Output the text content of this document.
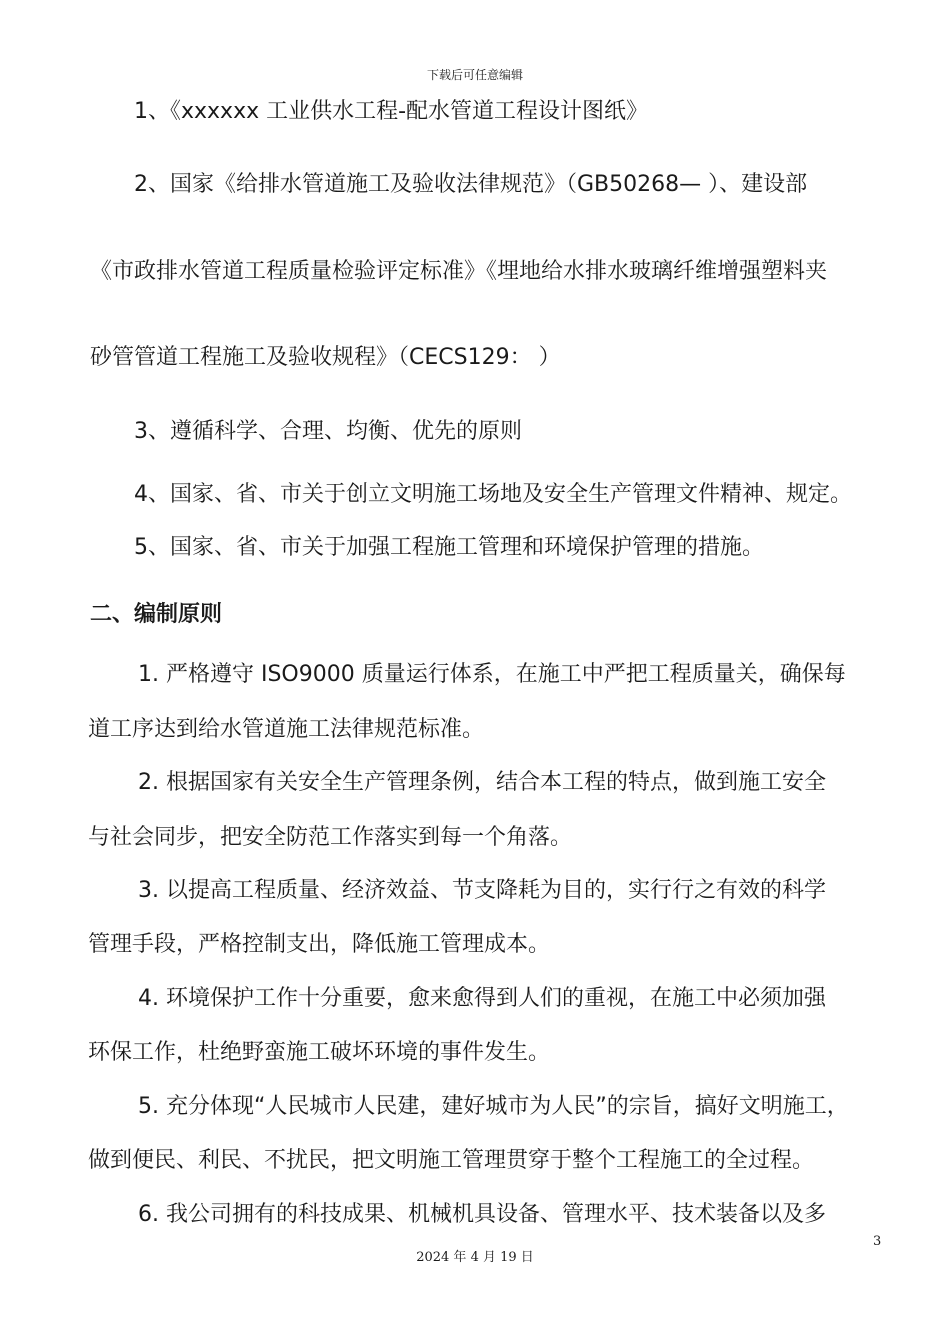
下载后可任意编辑
1、《xxxxxx 工业供水工程-配水管道工程设计图纸》
2、国家《给排水管道施工及验收法律规范》（GB50268— ）、建设部
《市政排水管道工程质量检验评定标准》《埋地给水排水玻璃纤维增强塑料夹
砂管管道工程施工及验收规程》（CECS129： ）
3、遵循科学、合理、均衡、优先的原则
4、国家、省、市关于创立文明施工场地及安全生产管理文件精神、规定。
5、国家、省、市关于加强工程施工管理和环境保护管理的措施。
二、编制原则
1. 严格遵守 ISO9000 质量运行体系，在施工中严把工程质量关，确保每
道工序达到给水管道施工法律规范标准。
2. 根据国家有关安全生产管理条例，结合本工程的特点，做到施工安全
与社会同步，把安全防范工作落实到每一个角落。
3. 以提高工程质量、经济效益、节支降耗为目的，实行行之有效的科学
管理手段，严格控制支出，降低施工管理成本。
4. 环境保护工作十分重要，愈来愈得到人们的重视，在施工中必须加强
环保工作，杜绝野蛮施工破坏环境的事件发生。
5. 充分体现“人民城市人民建，建好城市为人民”的宗旨，搞好文明施工，
做到便民、利民、不扰民，把文明施工管理贯穿于整个工程施工的全过程。
6. 我公司拥有的科技成果、机械机具设备、管理水平、技术装备以及多
3
2024 年 4 月 19 日
